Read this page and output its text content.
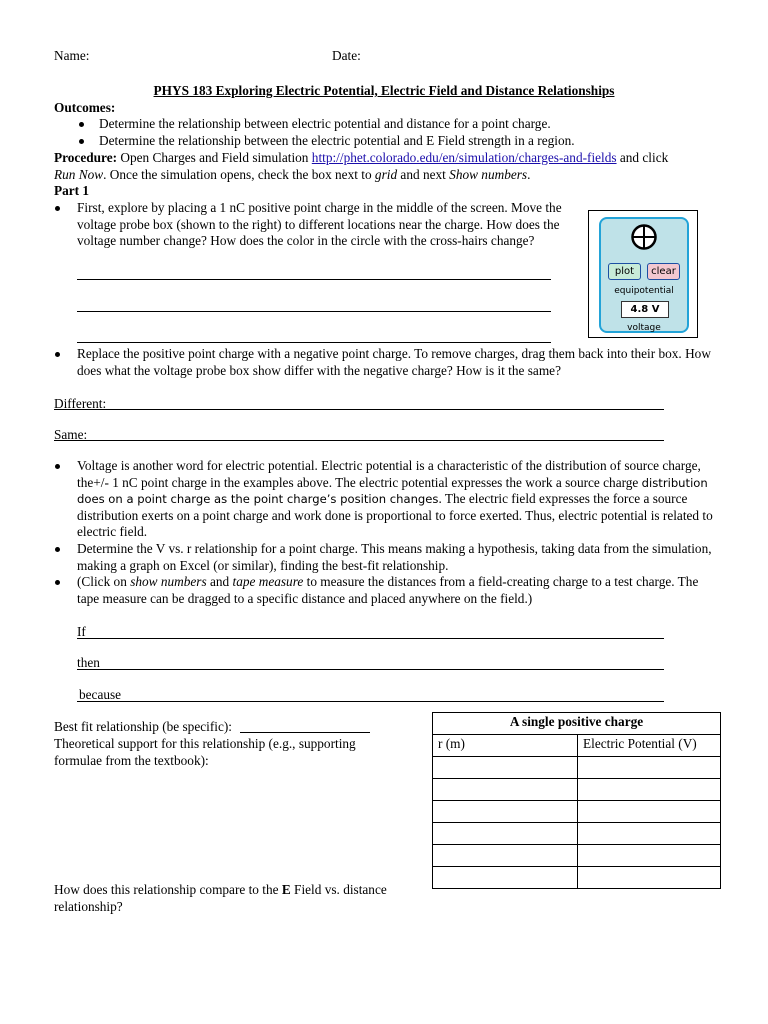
Name:	Date:
PHYS 183 Exploring Electric Potential, Electric Field and Distance Relationships
Outcomes:
Determine the relationship between electric potential and distance for a point charge.
Determine the relationship between the electric potential and E Field strength in a region.
Procedure: Open Charges and Field simulation http://phet.colorado.edu/en/simulation/charges-and-fields and click
Run Now. Once the simulation opens, check the box next to grid and next Show numbers.
Part 1
First, explore by placing a 1 nC positive point charge in the middle of the screen. Move the voltage probe box (shown to the right) to different locations near the charge. How does the voltage number change? How does the color in the circle with the cross-hairs change?
plot	clear
equipotential
4.8 V
voltage
Replace the positive point charge with a negative point charge. To remove charges, drag them back into their box. How does what the voltage probe box show differ with the negative charge? How is it the same?
Different:
Same:
Voltage is another word for electric potential. Electric potential is a characteristic of the distribution of source charge, the+/- 1 nC point charge in the examples above. The electric potential expresses the work a source charge distribution does on a point charge as the point charge’s position changes. The electric field expresses the force a source distribution exerts on a point charge and work done is proportional to force exerted. Thus, electric potential is related to electric field.
Determine the V vs. r relationship for a point charge. This means making a hypothesis, taking data from the simulation, making a graph on Excel (or similar), finding the best-fit relationship.
(Click on show numbers and tape measure to measure the distances from a field-creating charge to a test charge. The tape measure can be dragged to a specific distance and placed anywhere on the field.)
If
then
because
Best fit relationship (be specific):
Theoretical support for this relationship (e.g., supporting formulae from the textbook):
How does this relationship compare to the E Field vs. distance relationship?
A single positive charge	
r (m)	Electric Potential (V)
